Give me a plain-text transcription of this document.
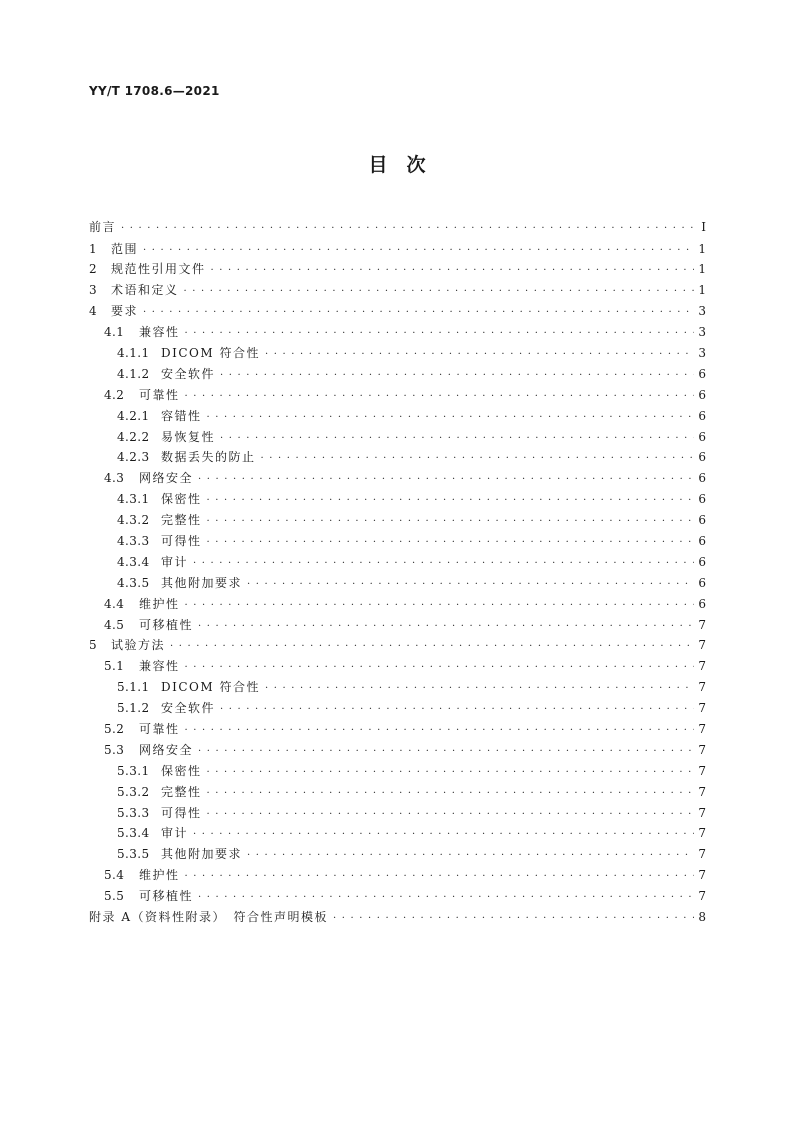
YY/T 1708.6—2021
目　次
前言 · · ·	Ⅰ
1	范围 · · ·	1
2	规范性引用文件 · · ·	1
3	术语和定义 · · ·	1
4	要求 · · ·	3
4.1	兼容性 · · ·	3
4.1.1 DICOM 符合性 · · ·	3
4.1.2 安全软件 · · ·	6
4.2	可靠性 · · ·	6
4.2.1 容错性 · · ·	6
4.2.2 易恢复性 · · ·	6
4.2.3 数据丢失的防止 · · ·	6
4.3	网络安全 · · ·	6
4.3.1 保密性 · · ·	6
4.3.2 完整性 · · ·	6
4.3.3 可得性 · · ·	6
4.3.4 审计 · · ·	6
4.3.5 其他附加要求 · · ·	6
4.4	维护性 · · ·	6
4.5	可移植性 · · ·	7
5	试验方法 · · ·	7
5.1	兼容性 · · ·	7
5.1.1 DICOM 符合性 · · ·	7
5.1.2 安全软件 · · ·	7
5.2	可靠性 · · ·	7
5.3	网络安全 · · ·	7
5.3.1 保密性 · · ·	7
5.3.2 完整性 · · ·	7
5.3.3 可得性 · · ·	7
5.3.4 审计 · · ·	7
5.3.5 其他附加要求 · · ·	7
5.4	维护性 · · ·	7
5.5	可移植性 · · ·	7
附录 A（资料性附录）　符合性声明模板 · · ·	8
